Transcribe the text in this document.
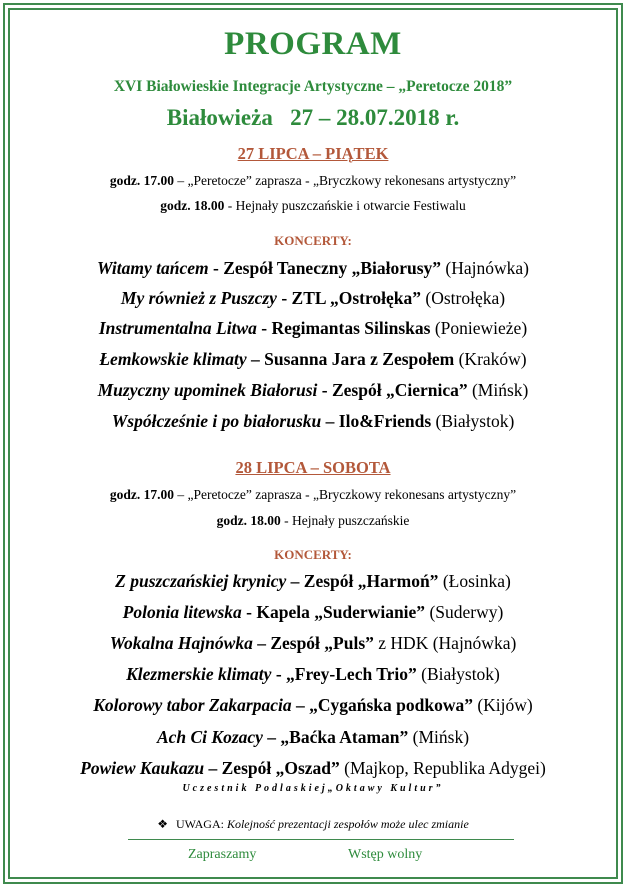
PROGRAM
XVI Białowieskie Integracje Artystyczne – „Peretocze 2018”
Białowieża 27 – 28.07.2018 r.
27 LIPCA – PIĄTEK
godz. 17.00 – „Peretocze” zaprasza - „Bryczkowy rekonesans artystyczny”
godz. 18.00 - Hejnały puszczańskie i otwarcie Festiwalu
KONCERTY:
Witamy tańcem - Zespół Taneczny „Białorusy” (Hajnówka)
My również z Puszczy - ZTL „Ostrołęka” (Ostrołęka)
Instrumentalna Litwa - Regimantas Silinskas (Poniewieże)
Łemkowskie klimaty – Susanna Jara z Zespołem (Kraków)
Muzyczny upominek Białorusi - Zespół „Ciernica” (Mińsk)
Współcześnie i po białorusku – Ilo&Friends (Białystok)
28 LIPCA – SOBOTA
godz. 17.00 – „Peretocze” zaprasza - „Bryczkowy rekonesans artystyczny”
godz. 18.00 - Hejnały puszczańskie
KONCERTY:
Z puszczańskiej krynicy – Zespół „Harmoń” (Łosinka)
Polonia litewska - Kapela „Suderwianie” (Suderwy)
Wokalna Hajnówka – Zespół „Puls” z HDK (Hajnówka)
Klezmerskie klimaty - „Frey-Lech Trio” (Białystok)
Kolorowy tabor Zakarpacia – „Cygańska podkowa” (Kijów)
Ach Ci Kozacy – „Baćka Ataman” (Mińsk)
Powiew Kaukazu – Zespół „Oszad” (Majkop, Republika Adygei)
Uczestnik Podlaskiej„Oktawy Kultur”
❖ UWAGA: Kolejność prezentacji zespołów może ulec zmianie
Zapraszamy	Wstęp wolny
